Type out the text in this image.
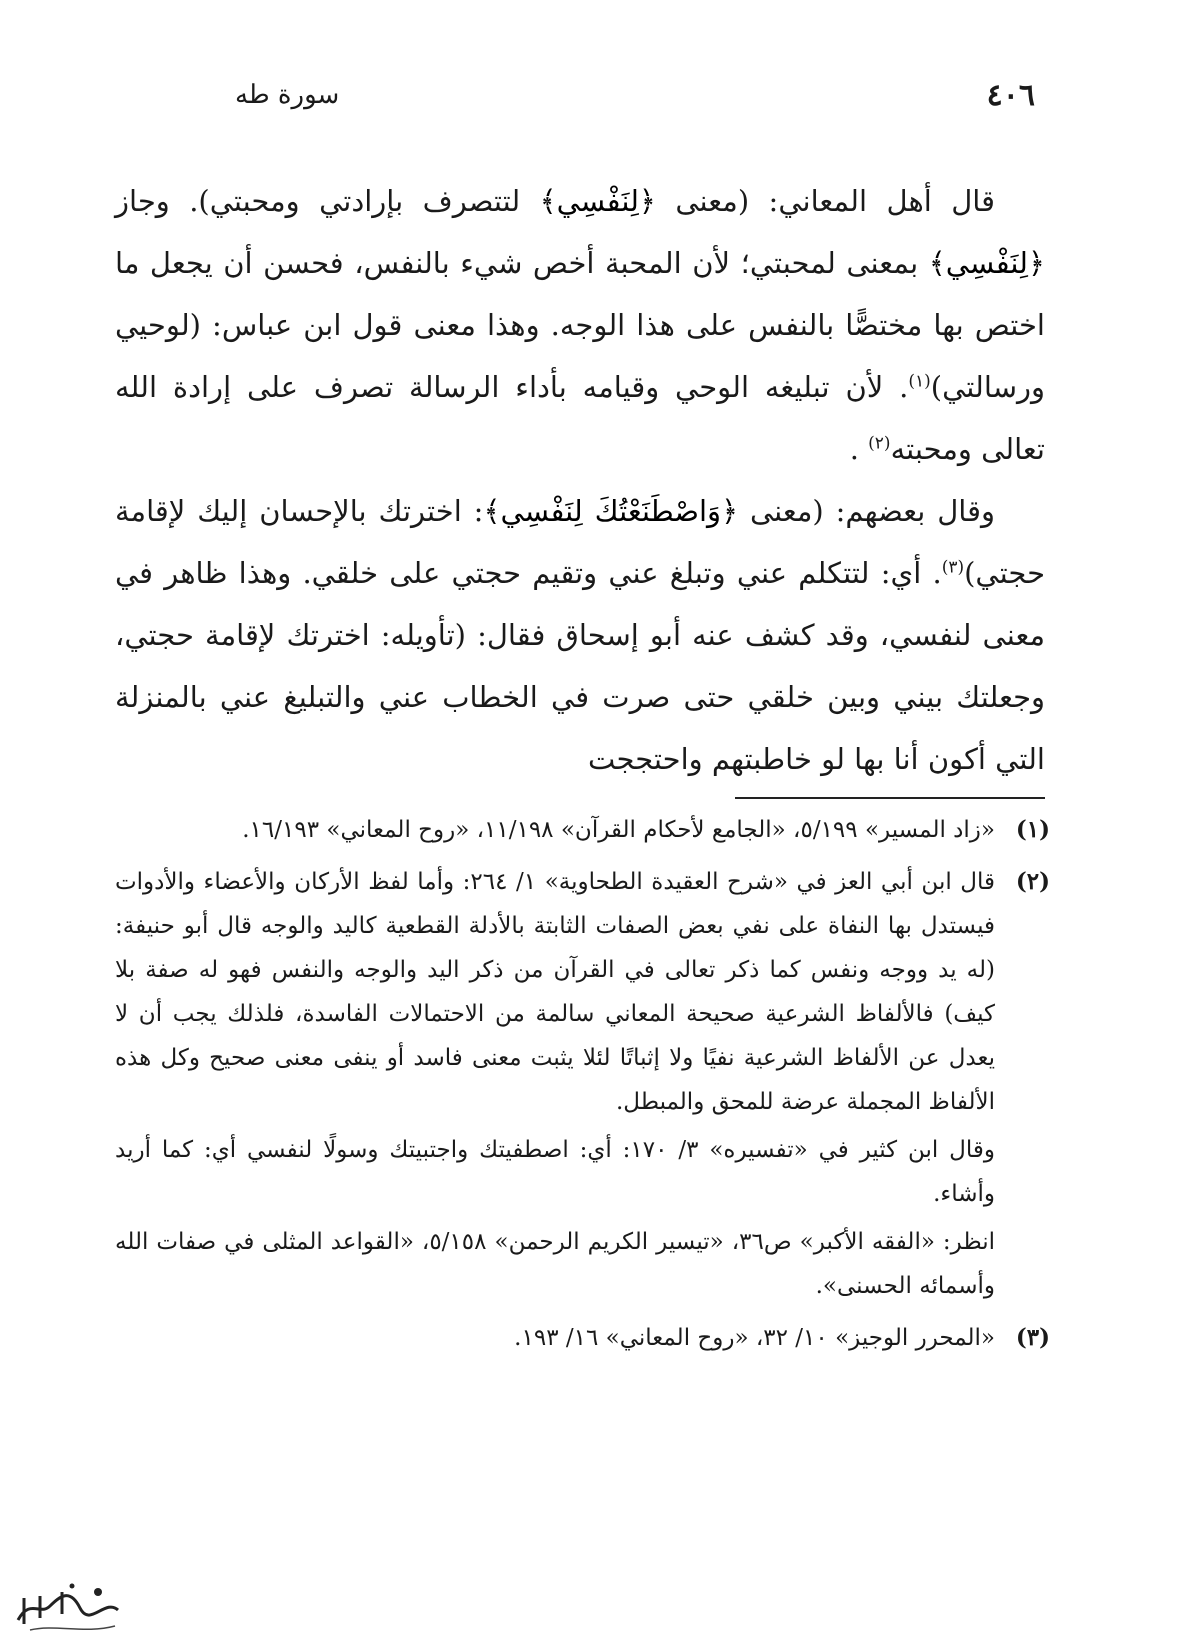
٤٠٦
سورة طه

قال أهل المعاني: (معنى ﴿لِنَفْسِي﴾ لتتصرف بإرادتي ومحبتي). وجاز ﴿لِنَفْسِي﴾ بمعنى لمحبتي؛ لأن المحبة أخص شيء بالنفس، فحسن أن يجعل ما اختص بها مختصًّا بالنفس على هذا الوجه. وهذا معنى قول ابن عباس: (لوحيي ورسالتي)$^{(١)}$. لأن تبليغه الوحي وقيامه بأداء الرسالة تصرف على إرادة الله تعالى ومحبته$^{(٢)}$ .

وقال بعضهم: (معنى ﴿وَاصْطَنَعْتُكَ لِنَفْسِي﴾: اخترتك بالإحسان إليك لإقامة حجتي)$^{(٣)}$. أي: لتتكلم عني وتبلغ عني وتقيم حجتي على خلقي. وهذا ظاهر في معنى لنفسي، وقد كشف عنه أبو إسحاق فقال: (تأويله: اخترتك لإقامة حجتي، وجعلتك بيني وبين خلقي حتى صرت في الخطاب عني والتبليغ عني بالمنزلة التي أكون أنا بها لو خاطبتهم واحتججت

(١)
«زاد المسير» ٥/١٩٩، «الجامع لأحكام القرآن» ١١/١٩٨، «روح المعاني» ١٦/١٩٣.
(٢)
قال ابن أبي العز في «شرح العقيدة الطحاوية» ١/ ٢٦٤: وأما لفظ الأركان والأعضاء والأدوات فيستدل بها النفاة على نفي بعض الصفات الثابتة بالأدلة القطعية كاليد والوجه قال أبو حنيفة: (له يد ووجه ونفس كما ذكر تعالى في القرآن من ذكر اليد والوجه والنفس فهو له صفة بلا كيف) فالألفاظ الشرعية صحيحة المعاني سالمة من الاحتمالات الفاسدة، فلذلك يجب أن لا يعدل عن الألفاظ الشرعية نفيًا ولا إثباتًا لئلا يثبت معنى فاسد أو ينفى معنى صحيح وكل هذه الألفاظ المجملة عرضة للمحق والمبطل.
وقال ابن كثير في «تفسيره» ٣/ ١٧٠: أي: اصطفيتك واجتبيتك وسولًا لنفسي أي: كما أريد وأشاء.
انظر: «الفقه الأكبر» ص٣٦، «تيسير الكريم الرحمن» ٥/١٥٨، «القواعد المثلى في صفات الله وأسمائه الحسنى».
(٣)
«المحرر الوجيز» ١٠/ ٣٢، «روح المعاني» ١٦/ ١٩٣.
